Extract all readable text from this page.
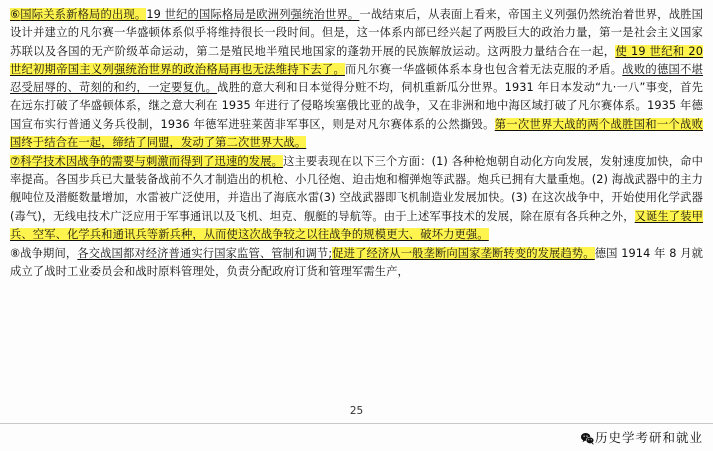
⑥国际关系新格局的出现。19 世纪的国际格局是欧洲列强统治世界。一战结束后，从表面上看来，帝国主义列强仍然统治着世界，战胜国设计并建立的凡尔赛一华盛顿体系似乎将维持很长一段时间。但是，这一体系内部已经兴起了两股巨大的政治力量，第一是社会主义国家苏联以及各国的无产阶级革命运动，第二是殖民地半殖民地国家的蓬勃开展的民族解放运动。这两股力量结合在一起，使 19 世纪和 20 世纪初期帝国主义列强统治世界的政治格局再也无法维持下去了。而凡尔赛一华盛顿体系本身也包含着无法克服的矛盾。战败的德国不堪忍受屈辱的、苛刻的和约，一定要复仇。战胜的意大利和日本觉得分赃不均，伺机重新瓜分世界。1931 年日本发动“九·一八”事变，首先在远东打破了华盛顿体系，继之意大利在 1935 年进行了侵略埃塞俄比亚的战争，又在非洲和地中海区域打破了凡尔赛体系。1935 年德国宣布实行普通义务兵役制，1936 年德军进驻莱茵非军事区，则是对凡尔赛体系的公然撕毁。第一次世界大战的两个战胜国和一个战败国终于结合在一起，缔结了同盟，发动了第二次世界大战。

⑦科学技术因战争的需要与刺激而得到了迅速的发展。这主要表现在以下三个方面：(1) 各种枪炮朝自动化方向发展，发射速度加快，命中率提高。各国步兵已大量装备战前不久才制造出的机枪、小几径炮、迫击炮和榴弹炮等武器。炮兵已拥有大量重炮。(2) 海战武器中的主力舰吨位及潜艇数量增加，水雷被广泛使用，并造出了海底水雷(3) 空战武器即飞机制造业发展加快。(3) 在这次战争中，开始使用化学武器(毒气)，无线电技术广泛应用于军事通讯以及飞机、坦克、舰艇的导航等。由于上述军事技术的发展，除在原有各兵种之外，又诞生了装甲兵、空军、化学兵和通讯兵等新兵种，从而使这次战争较之以往战争的规模更大、破坏力更强。

⑧战争期间，各交战国都对经济普通实行国家监管、管制和调节;促进了经济从一般垄断向国家垄断转变的发展趋势。德国 1914 年 8 月就成立了战时工业委员会和战时原料管理处，负责分配政府订货和管理军需生产，

25
历史学考研和就业
